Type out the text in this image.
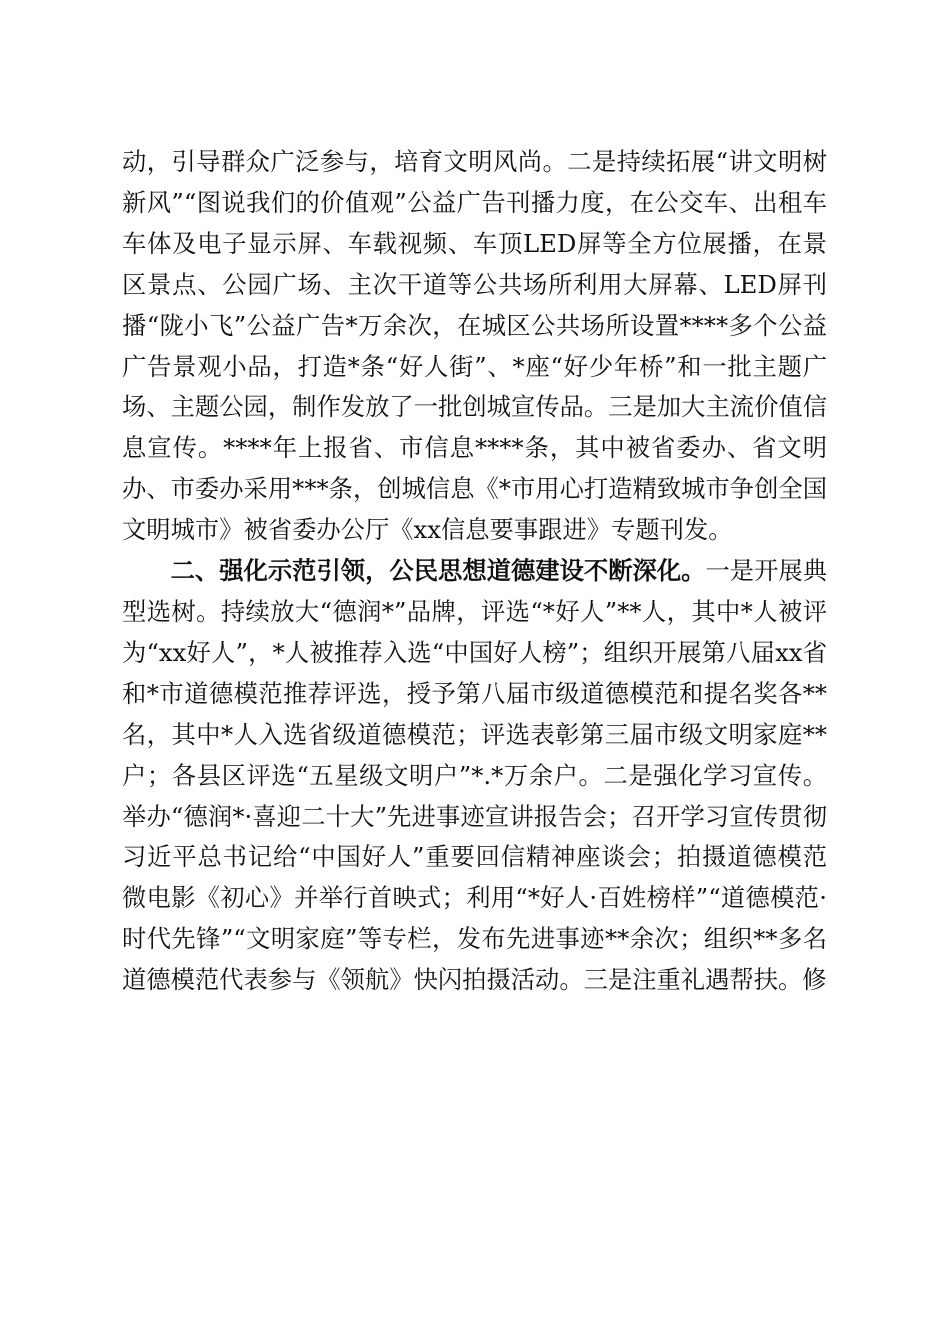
动，引导群众广泛参与，培育文明风尚。二是持续拓展“讲文明树新风”“图说我们的价值观”公益广告刊播力度，在公交车、出租车车体及电子显示屏、车载视频、车顶LED屏等全方位展播，在景区景点、公园广场、主次干道等公共场所利用大屏幕、LED屏刊播“陇小飞”公益广告*万余次，在城区公共场所设置****多个公益广告景观小品，打造*条“好人街”、*座“好少年桥”和一批主题广场、主题公园，制作发放了一批创城宣传品。三是加大主流价值信息宣传。****年上报省、市信息****条，其中被省委办、省文明办、市委办采用***条，创城信息《*市用心打造精致城市争创全国文明城市》被省委办公厅《xx信息要事跟进》专题刊发。

二、强化示范引领，公民思想道德建设不断深化。一是开展典型选树。持续放大“德润*”品牌，评选“*好人”**人，其中*人被评为“xx好人”，*人被推荐入选“中国好人榜”；组织开展第八届xx省和*市道德模范推荐评选，授予第八届市级道德模范和提名奖各**名，其中*人入选省级道德模范；评选表彰第三届市级文明家庭**户；各县区评选“五星级文明户”*.*万余户。二是强化学习宣传。举办“德润*·喜迎二十大”先进事迹宣讲报告会；召开学习宣传贯彻习近平总书记给“中国好人”重要回信精神座谈会；拍摄道德模范微电影《初心》并举行首映式；利用“*好人·百姓榜样”“道德模范·时代先锋”“文明家庭”等专栏，发布先进事迹**余次；组织**多名道德模范代表参与《领航》快闪拍摄活动。三是注重礼遇帮扶。修
